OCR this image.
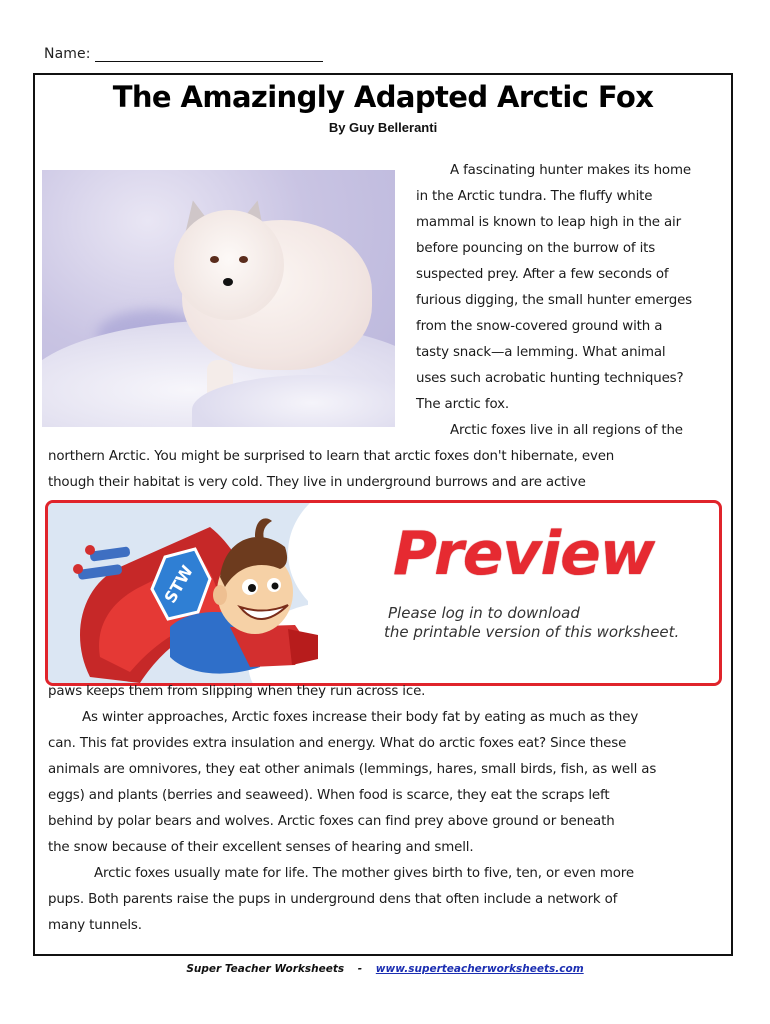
Name:
The Amazingly Adapted Arctic Fox
By Guy Belleranti
A fascinating hunter makes its home
in the Arctic tundra. The fluffy white
mammal is known to leap high in the air
before pouncing on the burrow of its
suspected prey. After a few seconds of
furious digging, the small hunter emerges
from the snow-covered ground with a
tasty snack—a lemming. What animal
uses such acrobatic hunting techniques?
The arctic fox.
Arctic foxes live in all regions of the
northern Arctic. You might be surprised to learn that arctic foxes don't hibernate, even
though their habitat is very cold. They live in underground burrows and are active
STW	Preview
Please log in to download
the printable version of this worksheet.
paws keeps them from slipping when they run across ice.
As winter approaches, Arctic foxes increase their body fat by eating as much as they
can. This fat provides extra insulation and energy. What do arctic foxes eat? Since these
animals are omnivores, they eat other animals (lemmings, hares, small birds, fish, as well as
eggs) and plants (berries and seaweed). When food is scarce, they eat the scraps left
behind by polar bears and wolves. Arctic foxes can find prey above ground or beneath
the snow because of their excellent senses of hearing and smell.
Arctic foxes usually mate for life. The mother gives birth to five, ten, or even more
pups. Both parents raise the pups in underground dens that often include a network of
many tunnels.
Super Teacher Worksheets - www.superteacherworksheets.com
